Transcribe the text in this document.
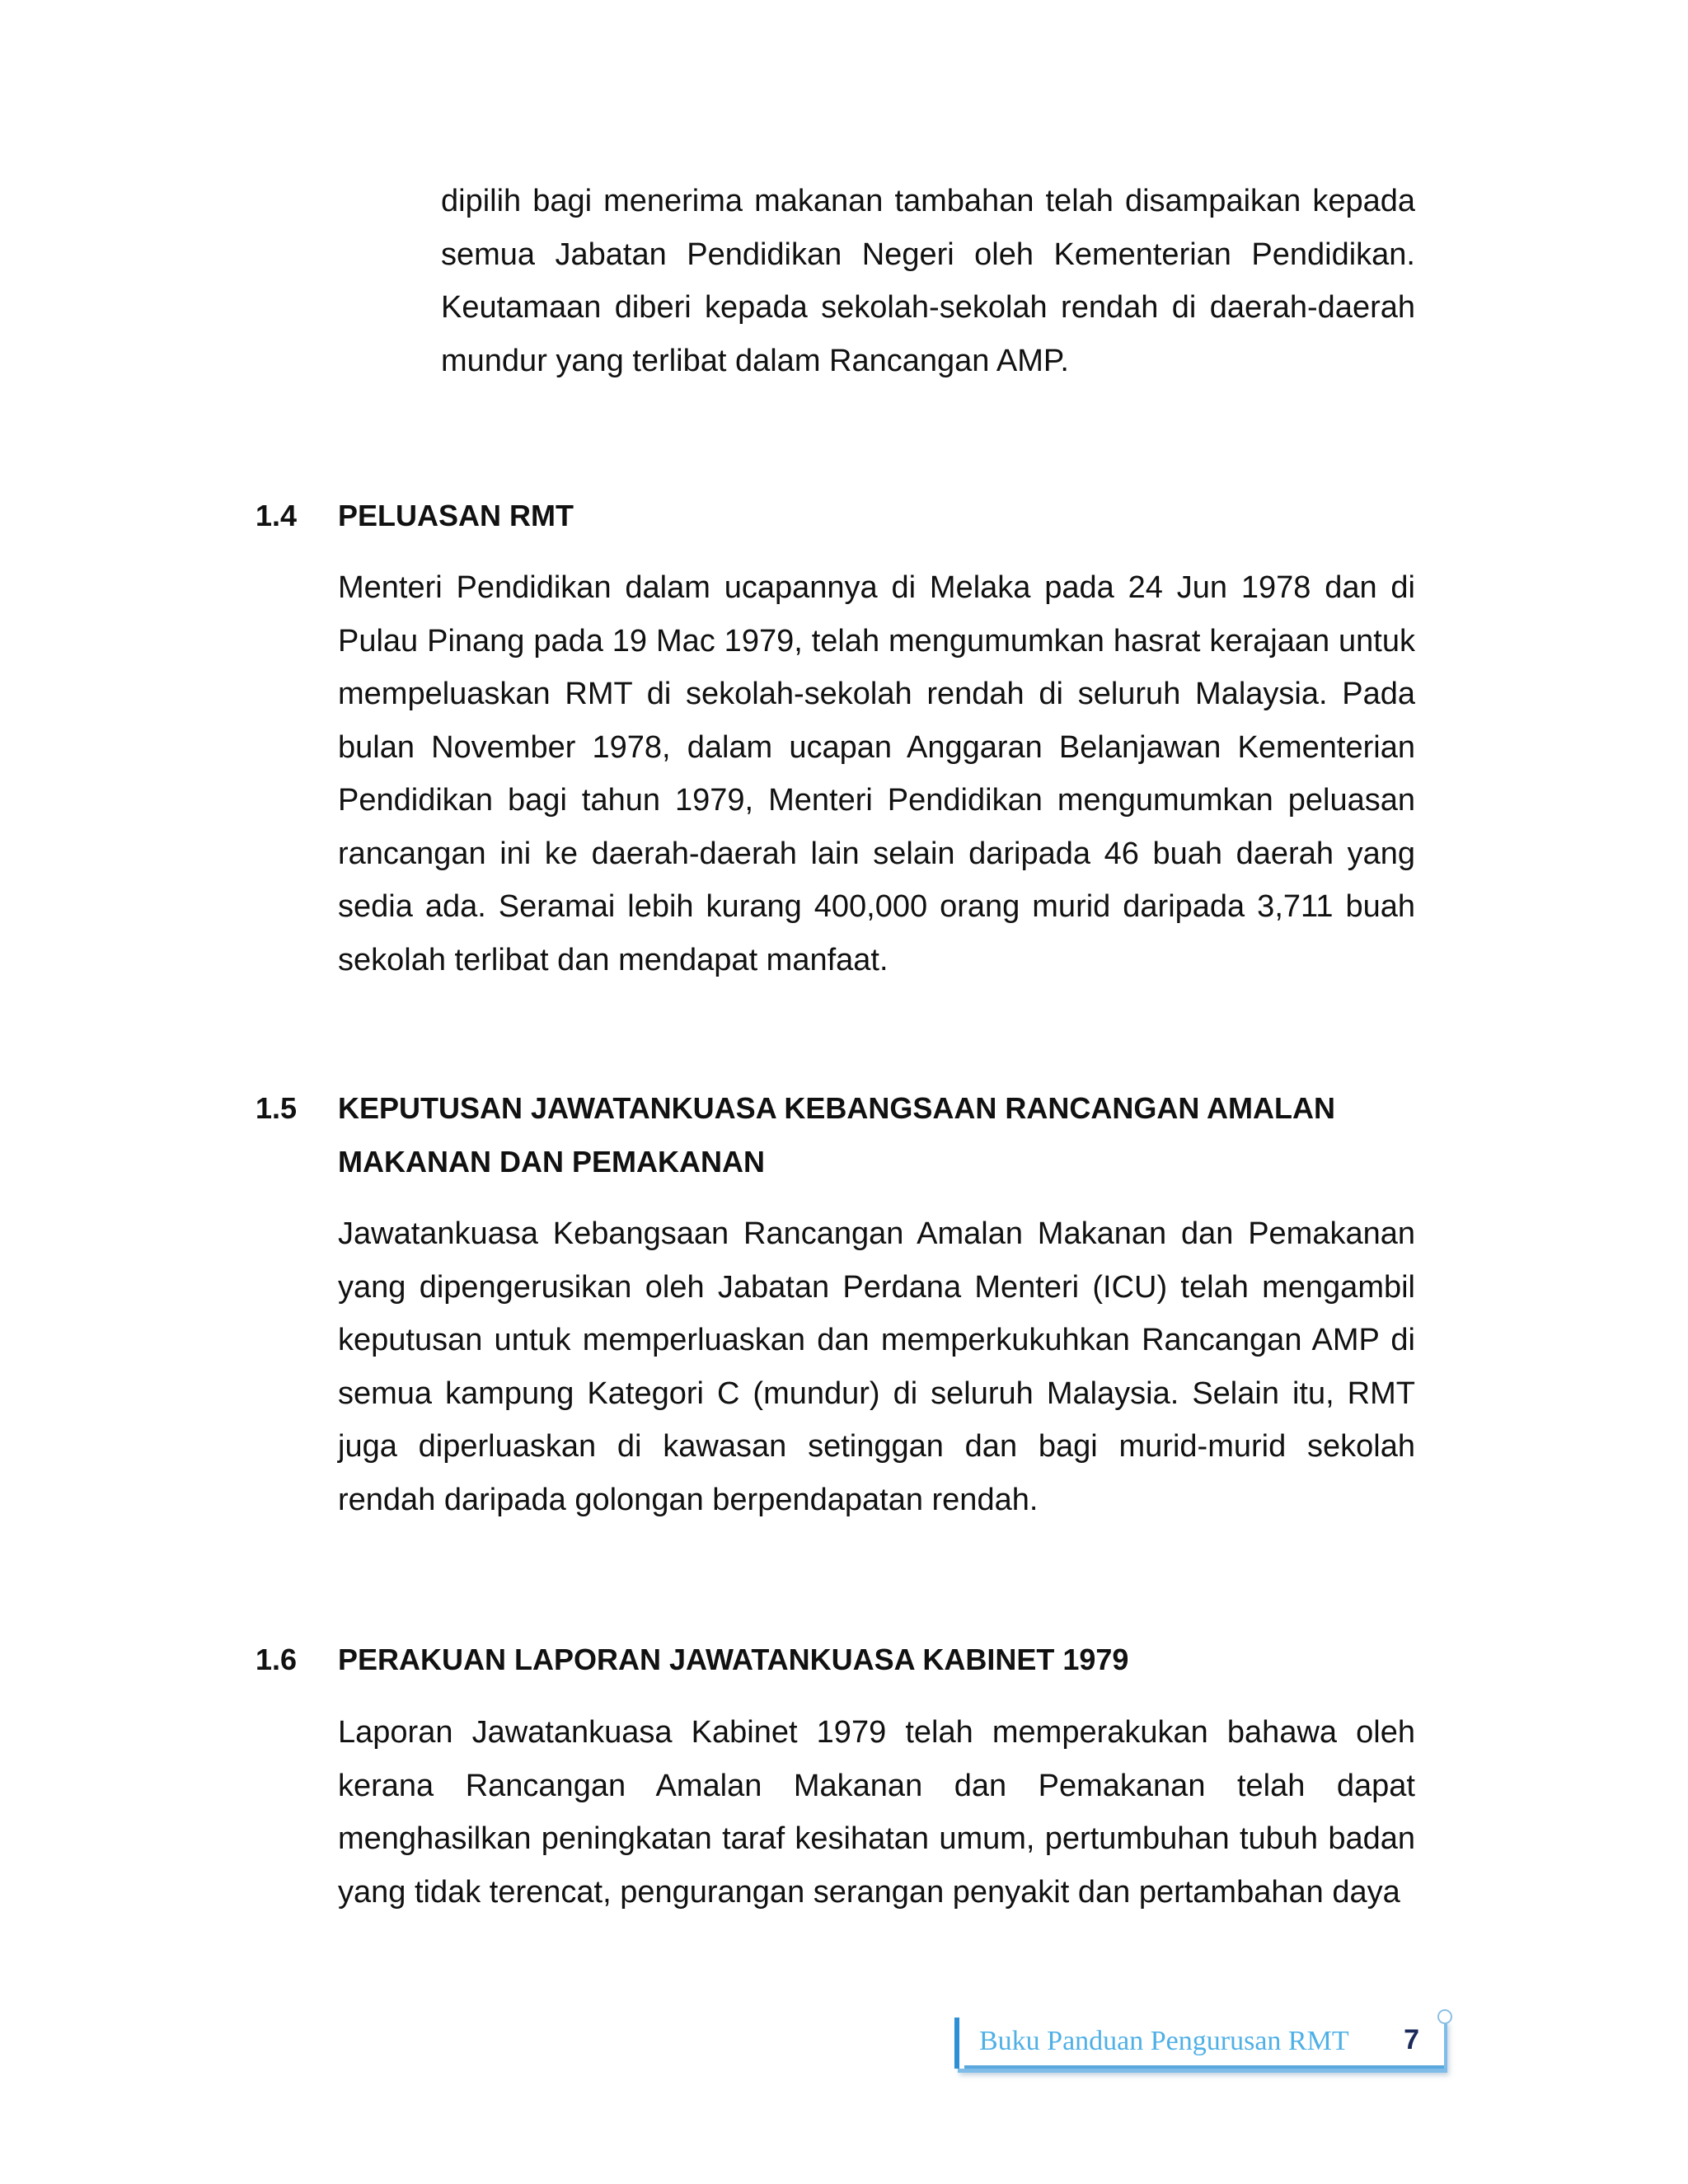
dipilih bagi menerima makanan tambahan telah disampaikan kepada semua Jabatan Pendidikan Negeri oleh Kementerian Pendidikan. Keutamaan diberi kepada sekolah-sekolah rendah di daerah-daerah mundur yang terlibat dalam Rancangan AMP.

1.4	PELUASAN RMT

Menteri Pendidikan dalam ucapannya di Melaka pada 24 Jun 1978 dan di Pulau Pinang pada 19 Mac 1979, telah mengumumkan hasrat kerajaan untuk mempeluaskan RMT di sekolah-sekolah rendah di seluruh Malaysia. Pada bulan November 1978, dalam ucapan Anggaran Belanjawan Kementerian Pendidikan bagi tahun 1979, Menteri Pendidikan mengumumkan peluasan rancangan ini ke daerah-daerah lain selain daripada 46 buah daerah yang sedia ada. Seramai lebih kurang 400,000 orang murid daripada 3,711 buah sekolah terlibat dan mendapat manfaat.

1.5	KEPUTUSAN JAWATANKUASA KEBANGSAAN RANCANGAN AMALAN MAKANAN DAN PEMAKANAN

Jawatankuasa Kebangsaan Rancangan Amalan Makanan dan Pemakanan yang dipengerusikan oleh Jabatan Perdana Menteri (ICU) telah mengambil keputusan untuk memperluaskan dan memperkukuhkan Rancangan AMP di semua kampung Kategori C (mundur) di seluruh Malaysia. Selain itu, RMT juga diperluaskan di kawasan setinggan dan bagi murid-murid sekolah rendah daripada golongan berpendapatan rendah.

1.6	PERAKUAN LAPORAN JAWATANKUASA KABINET 1979

Laporan Jawatankuasa Kabinet 1979 telah memperakukan bahawa oleh kerana Rancangan Amalan Makanan dan Pemakanan telah dapat menghasilkan peningkatan taraf kesihatan umum, pertumbuhan tubuh badan yang tidak terencat, pengurangan serangan penyakit dan pertambahan daya

Buku Panduan Pengurusan RMT 7
